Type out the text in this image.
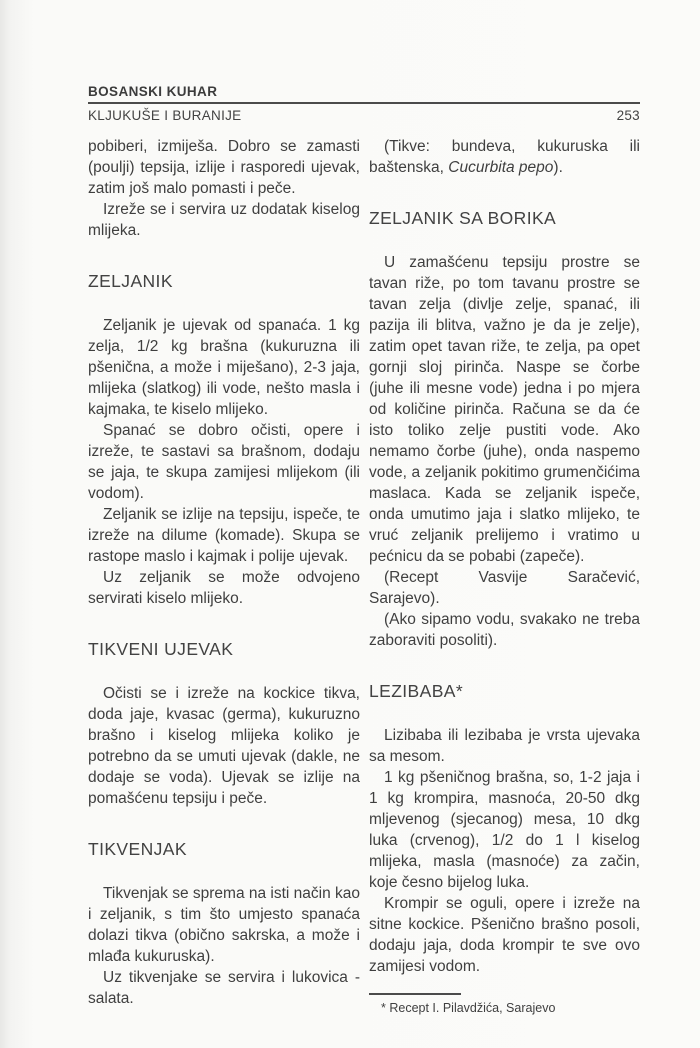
BOSANSKI KUHAR
KLJUKUŠE I BURANIJE	253

pobiberi, izmiješa. Dobro se zamasti (poulji) tepsija, izlije i rasporedi ujevak, zatim još malo pomasti i peče.

Izreže se i servira uz dodatak kiselog mlijeka.

ZELJANIK

Zeljanik je ujevak od spanaća. 1 kg zelja, 1/2 kg brašna (kukuruzna ili pšenična, a može i miješano), 2-3 jaja, mlijeka (slatkog) ili vode, nešto masla i kajmaka, te kiselo mlijeko.

Spanać se dobro očisti, opere i izreže, te sastavi sa brašnom, dodaju se jaja, te skupa zamijesi mlijekom (ili vodom).

Zeljanik se izlije na tepsiju, ispeče, te izreže na dilume (komade). Skupa se rastope maslo i kajmak i polije ujevak.

Uz zeljanik se može odvojeno servirati kiselo mlijeko.

TIKVENI UJEVAK

Očisti se i izreže na kockice tikva, doda jaje, kvasac (germa), kukuruzno brašno i kiselog mlijeka koliko je potrebno da se umuti ujevak (dakle, ne dodaje se voda). Ujevak se izlije na pomašćenu tepsiju i peče.

TIKVENJAK

Tikvenjak se sprema na isti način kao i zeljanik, s tim što umjesto spanaća dolazi tikva (obično sakrska, a može i mlađa kukuruska).

Uz tikvenjake se servira i lukovica - salata.

(Tikve: bundeva, kukuruska ili baštenska, Cucurbita pepo).

ZELJANIK SA BORIKA

U zamašćenu tepsiju prostre se tavan riže, po tom tavanu prostre se tavan zelja (divlje zelje, spanać, ili pazija ili blitva, važno je da je zelje), zatim opet tavan riže, te zelja, pa opet gornji sloj pirinča. Naspe se čorbe (juhe ili mesne vode) jedna i po mjera od količine pirinča. Računa se da će isto toliko zelje pustiti vode. Ako nemamo čorbe (juhe), onda naspemo vode, a zeljanik pokitimo grumenčićima maslaca. Kada se zeljanik ispeče, onda umutimo jaja i slatko mlijeko, te vruć zeljanik prelijemo i vratimo u pećnicu da se pobabi (zapeče).

(Recept Vasvije Saračević, Sarajevo).

(Ako sipamo vodu, svakako ne treba zaboraviti posoliti).

LEZIBABA*

Lizibaba ili lezibaba je vrsta ujevaka sa mesom.

1 kg pšeničnog brašna, so, 1-2 jaja i 1 kg krompira, masnoća, 20-50 dkg mljevenog (sjecanog) mesa, 10 dkg luka (crvenog), 1/2 do 1 l kiselog mlijeka, masla (masnoće) za začin, koje česno bijelog luka.

Krompir se oguli, opere i izreže na sitne kockice. Pšenično brašno posoli, dodaju jaja, doda krompir te sve ovo zamijesi vodom.

* Recept I. Pilavdžića, Sarajevo
